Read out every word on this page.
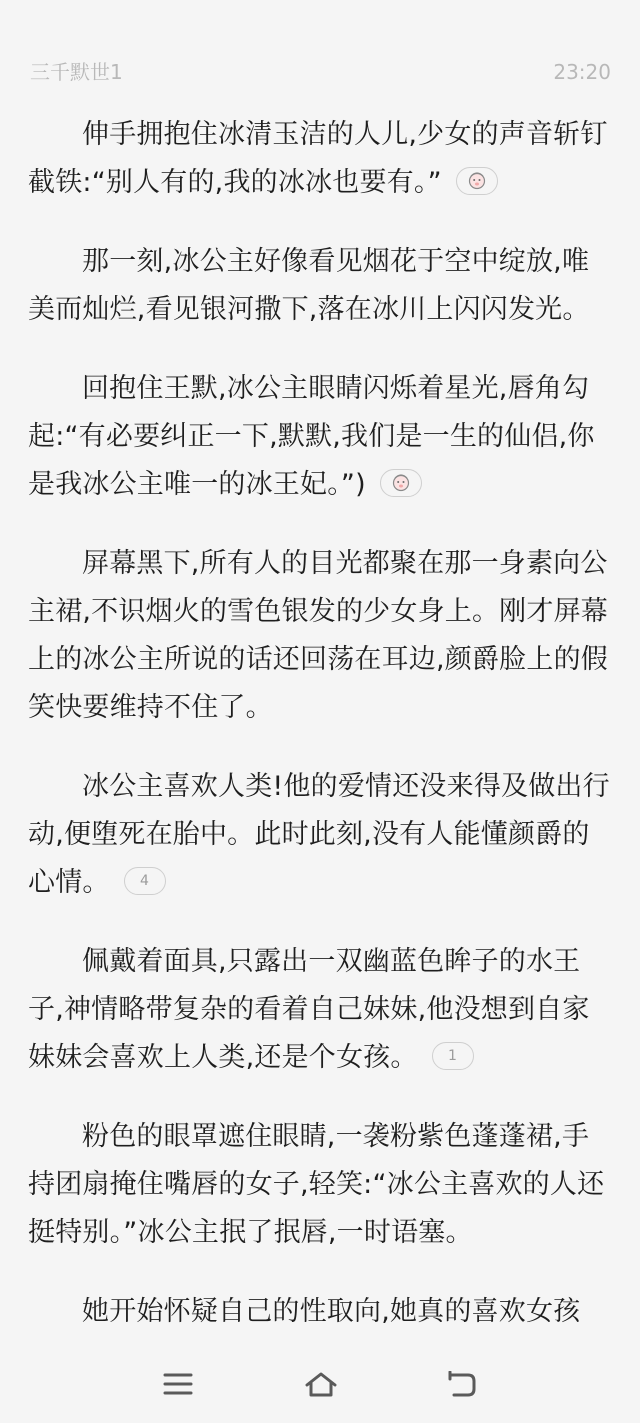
三千默世1	23:20

伸手拥抱住冰清玉洁的人儿,少女的声音斩钉截铁:“别人有的,我的冰冰也要有。”

那一刻,冰公主好像看见烟花于空中绽放,唯美而灿烂,看见银河撒下,落在冰川上闪闪发光。

回抱住王默,冰公主眼睛闪烁着星光,唇角勾起:“有必要纠正一下,默默,我们是一生的仙侣,你是我冰公主唯一的冰王妃。”)

屏幕黑下,所有人的目光都聚在那一身素向公主裙,不识烟火的雪色银发的少女身上。刚才屏幕上的冰公主所说的话还回荡在耳边,颜爵脸上的假笑快要维持不住了。

冰公主喜欢人类!他的爱情还没来得及做出行动,便堕死在胎中。此时此刻,没有人能懂颜爵的心情。 4

佩戴着面具,只露出一双幽蓝色眸子的水王子,神情略带复杂的看着自己妹妹,他没想到自家妹妹会喜欢上人类,还是个女孩。 1

粉色的眼罩遮住眼睛,一袭粉紫色蓬蓬裙,手持团扇掩住嘴唇的女子,轻笑:“冰公主喜欢的人还挺特别。”冰公主抿了抿唇,一时语塞。

她开始怀疑自己的性取向,她真的喜欢女孩
